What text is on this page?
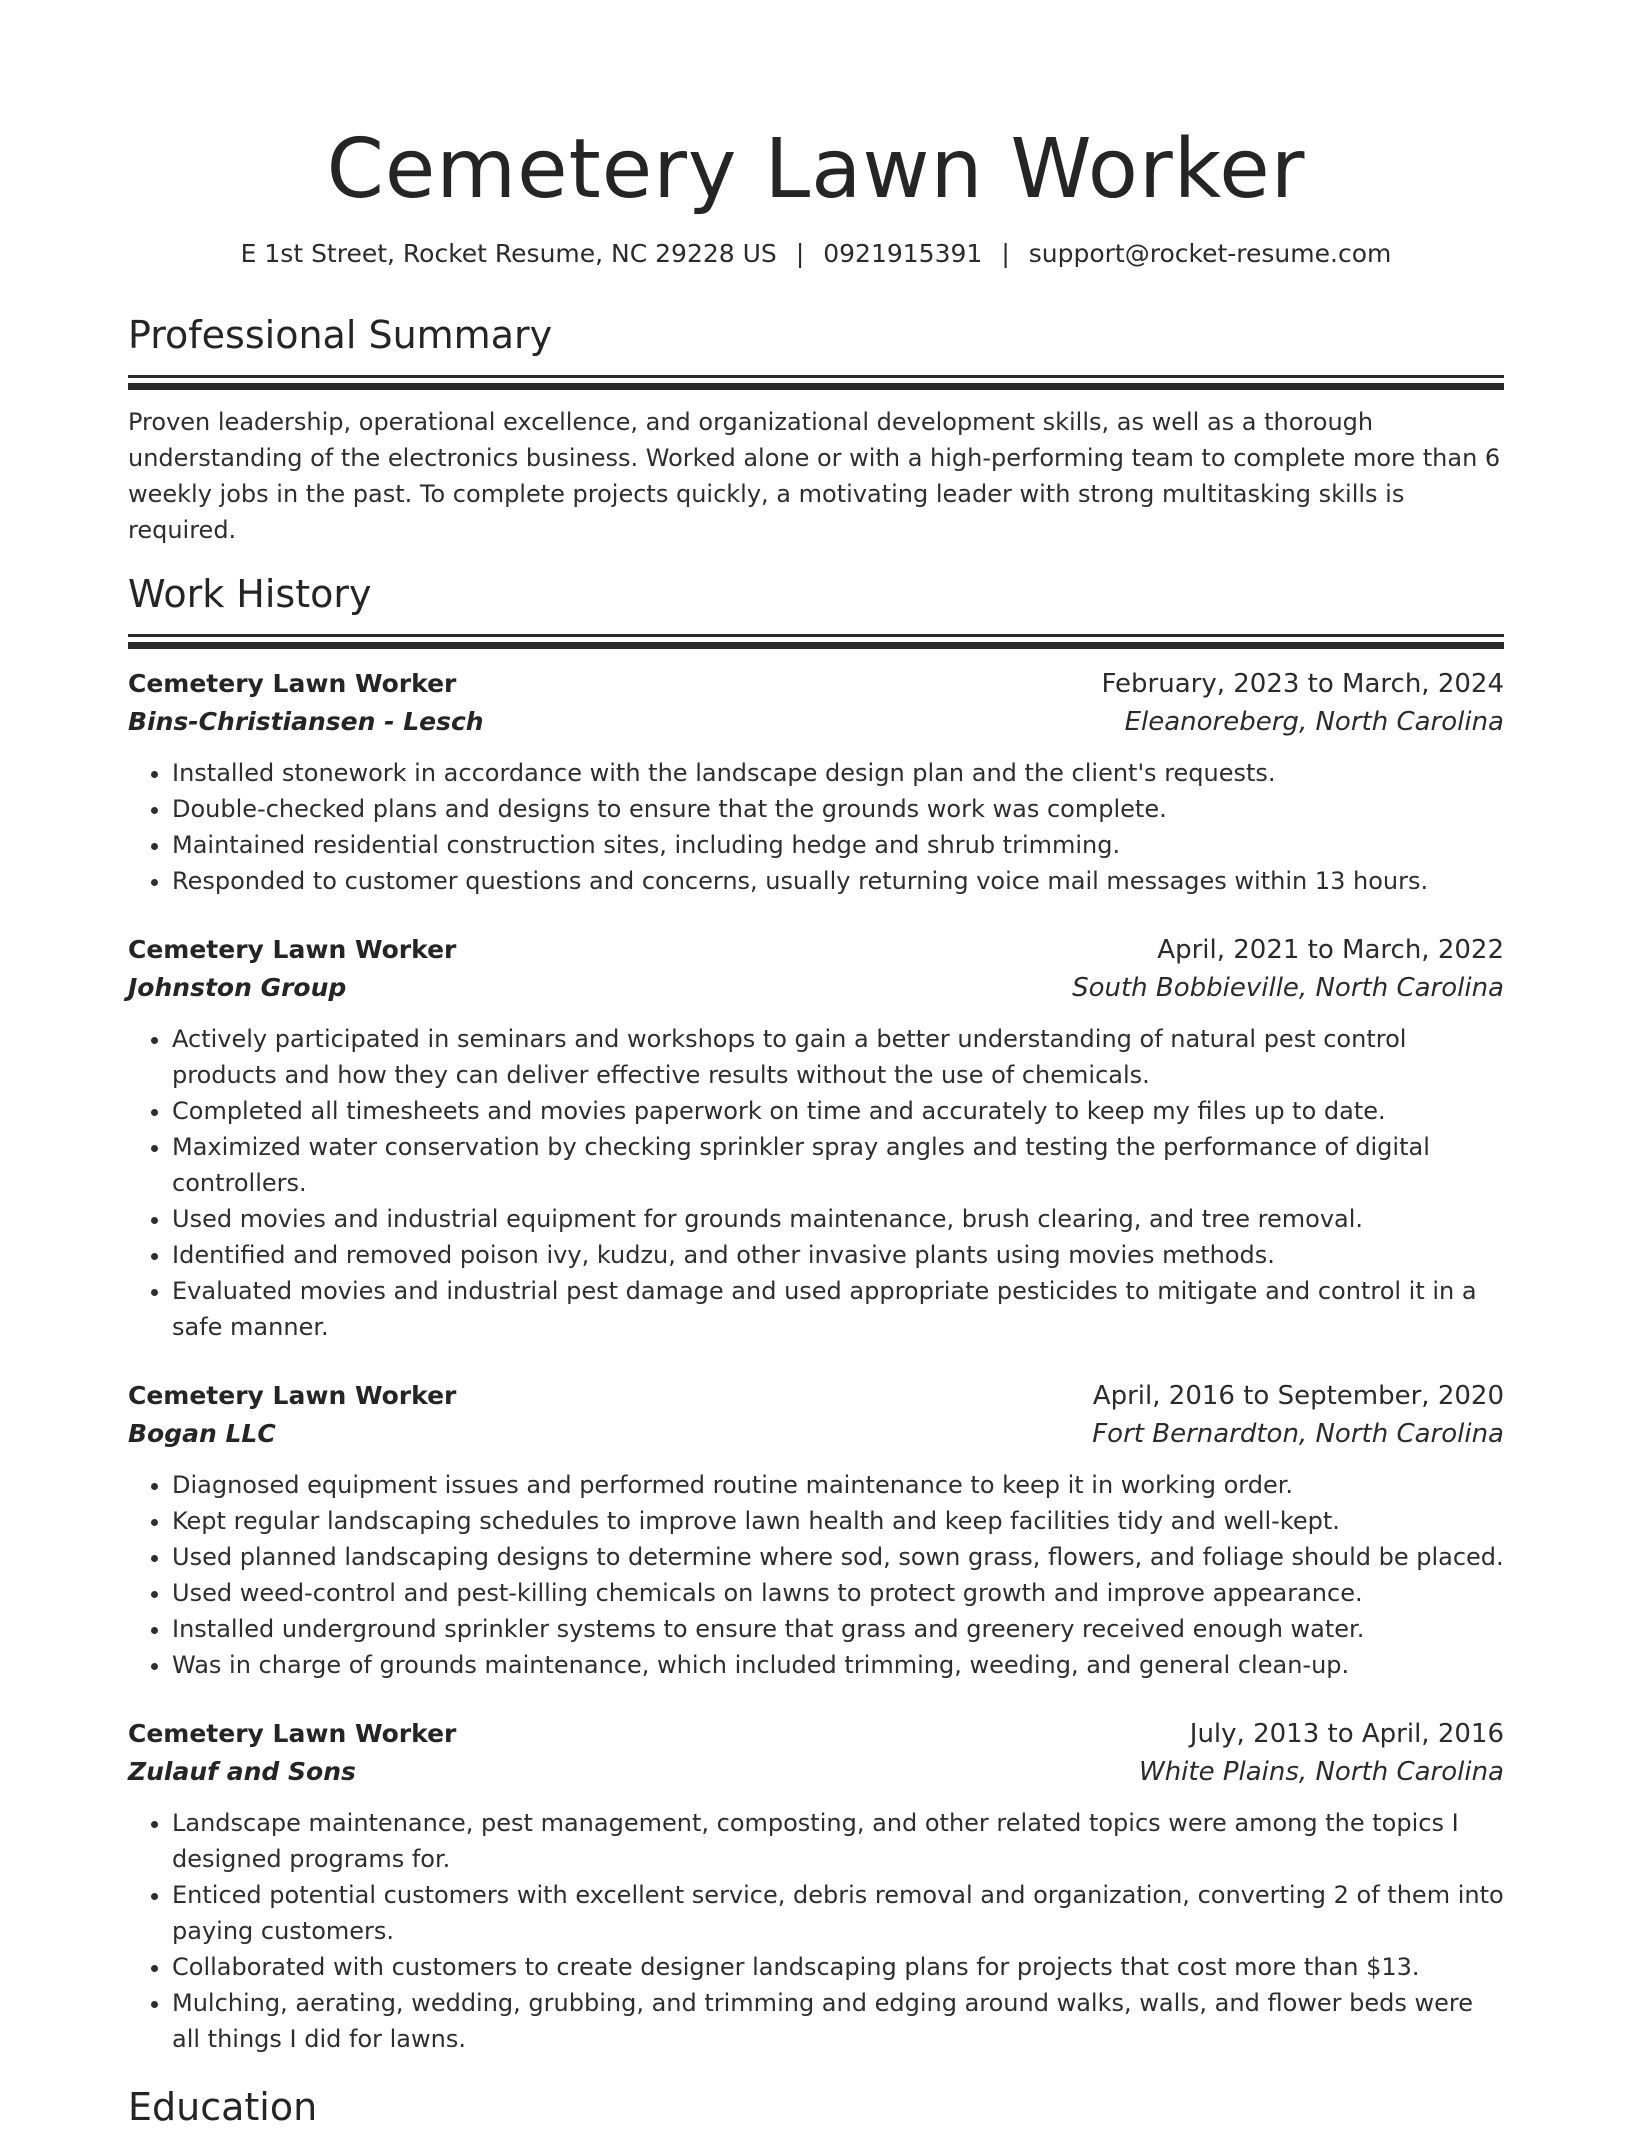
Cemetery Lawn Worker
E 1st Street, Rocket Resume, NC 29228 US | 0921915391 | support@rocket-resume.com
Professional Summary
Proven leadership, operational excellence, and organizational development skills, as well as a thorough understanding of the electronics business. Worked alone or with a high-performing team to complete more than 6 weekly jobs in the past. To complete projects quickly, a motivating leader with strong multitasking skills is required.
Work History
Cemetery Lawn Worker	February, 2023 to March, 2024
Bins-Christiansen - Lesch	Eleanoreberg, North Carolina
• Installed stonework in accordance with the landscape design plan and the client's requests.
• Double-checked plans and designs to ensure that the grounds work was complete.
• Maintained residential construction sites, including hedge and shrub trimming.
• Responded to customer questions and concerns, usually returning voice mail messages within 13 hours.
Cemetery Lawn Worker	April, 2021 to March, 2022
Johnston Group	South Bobbieville, North Carolina
• Actively participated in seminars and workshops to gain a better understanding of natural pest control products and how they can deliver effective results without the use of chemicals.
• Completed all timesheets and movies paperwork on time and accurately to keep my files up to date.
• Maximized water conservation by checking sprinkler spray angles and testing the performance of digital controllers.
• Used movies and industrial equipment for grounds maintenance, brush clearing, and tree removal.
• Identified and removed poison ivy, kudzu, and other invasive plants using movies methods.
• Evaluated movies and industrial pest damage and used appropriate pesticides to mitigate and control it in a safe manner.
Cemetery Lawn Worker	April, 2016 to September, 2020
Bogan LLC	Fort Bernardton, North Carolina
• Diagnosed equipment issues and performed routine maintenance to keep it in working order.
• Kept regular landscaping schedules to improve lawn health and keep facilities tidy and well-kept.
• Used planned landscaping designs to determine where sod, sown grass, flowers, and foliage should be placed.
• Used weed-control and pest-killing chemicals on lawns to protect growth and improve appearance.
• Installed underground sprinkler systems to ensure that grass and greenery received enough water.
• Was in charge of grounds maintenance, which included trimming, weeding, and general clean-up.
Cemetery Lawn Worker	July, 2013 to April, 2016
Zulauf and Sons	White Plains, North Carolina
• Landscape maintenance, pest management, composting, and other related topics were among the topics I designed programs for.
• Enticed potential customers with excellent service, debris removal and organization, converting 2 of them into paying customers.
• Collaborated with customers to create designer landscaping plans for projects that cost more than $13.
• Mulching, aerating, wedding, grubbing, and trimming and edging around walks, walls, and flower beds were all things I did for lawns.
Education
